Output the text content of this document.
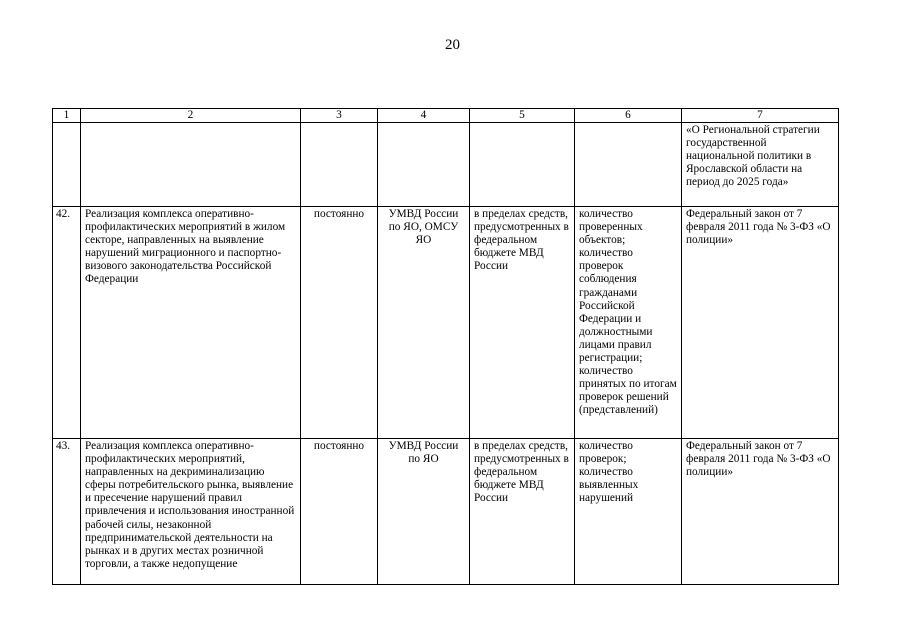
20
1	2	3	4	5	6	7
						«О Региональной стратегии государственной национальной политики в Ярославской области на период до 2025 года»
42.	Реализация комплекса оперативно-профилактических мероприятий в жилом секторе, направленных на выявление нарушений миграционного и паспортно-визового законодательства Российской Федерации	постоянно	УМВД России по ЯО, ОМСУ ЯО	в пределах средств, предусмотренных в федеральном бюджете МВД России	количество проверенных объектов; количество проверок соблюдения гражданами Российской Федерации и должностными лицами правил регистрации; количество принятых по итогам проверок решений (представлений)	Федеральный закон от 7 февраля 2011 года № 3-ФЗ «О полиции»
43.	Реализация комплекса оперативно-профилактических мероприятий, направленных на декриминализацию сферы потребительского рынка, выявление и пресечение нарушений правил привлечения и использования иностранной рабочей силы, незаконной предпринимательской деятельности на рынках и в других местах розничной торговли, а также недопущение	постоянно	УМВД России по ЯО	в пределах средств, предусмотренных в федеральном бюджете МВД России	количество проверок; количество выявленных нарушений	Федеральный закон от 7 февраля 2011 года № 3-ФЗ «О полиции»
